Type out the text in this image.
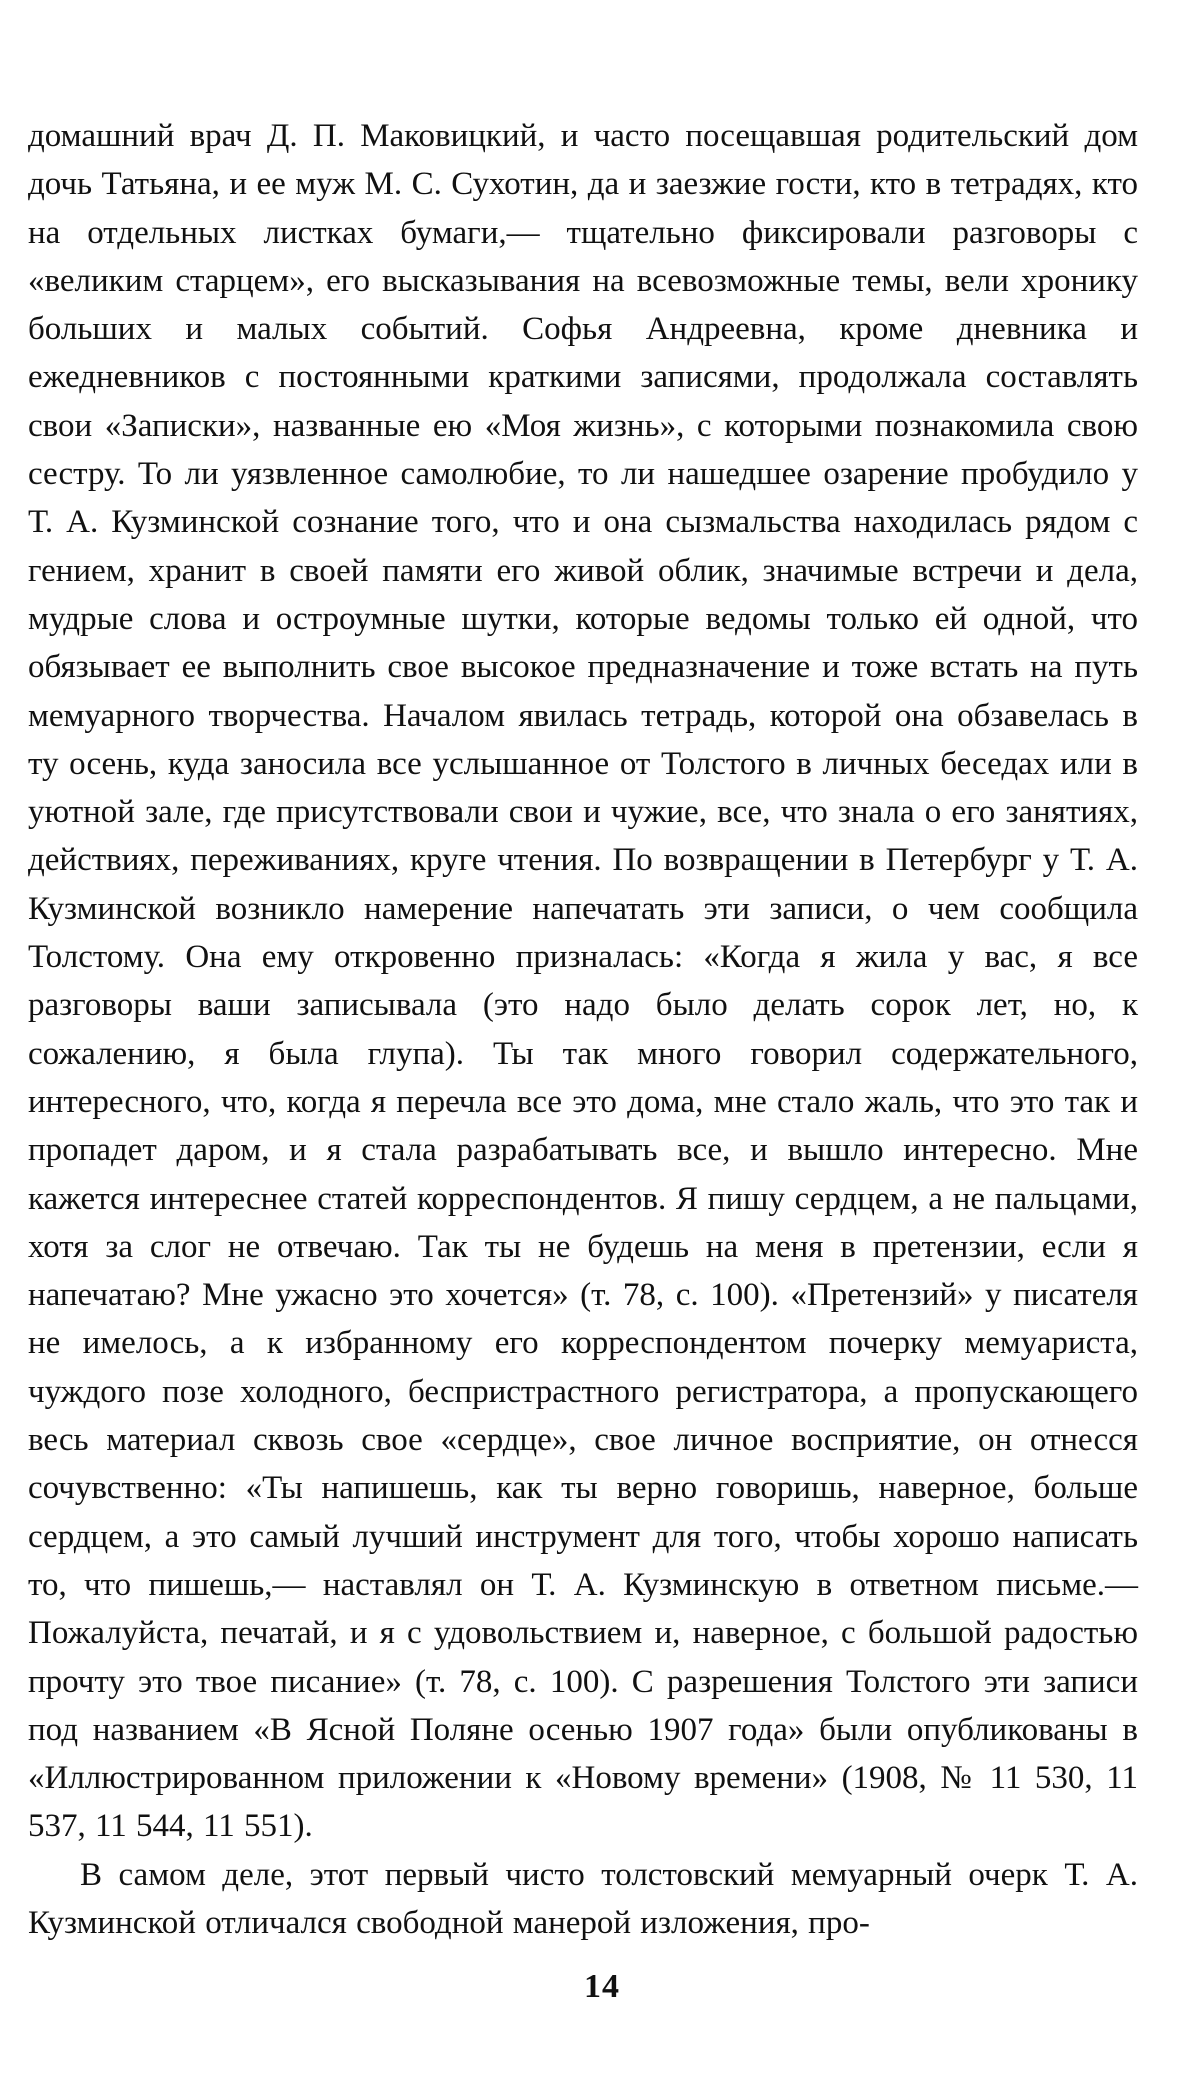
домашний врач Д. П. Маковицкий, и часто посещавшая родительский дом дочь Татьяна, и ее муж М. С. Сухотин, да и заезжие гости, кто в тетрадях, кто на отдельных листках бумаги,— тщательно фиксировали разговоры с «великим старцем», его высказывания на всевозможные темы, вели хронику больших и малых событий. Софья Андреевна, кроме дневника и ежедневников с постоянными краткими записями, продолжала составлять свои «Записки», названные ею «Моя жизнь», с которыми познакомила свою сестру. То ли уязвленное самолюбие, то ли нашедшее озарение пробудило у Т. А. Кузминской сознание того, что и она сызмальства находилась рядом с гением, хранит в своей памяти его живой облик, значимые встречи и дела, мудрые слова и остроумные шутки, которые ведомы только ей одной, что обязывает ее выполнить свое высокое предназначение и тоже встать на путь мемуарного творчества. Началом явилась тетрадь, которой она обзавелась в ту осень, куда заносила все услышанное от Толстого в личных беседах или в уютной зале, где присутствовали свои и чужие, все, что знала о его занятиях, действиях, переживаниях, круге чтения. По возвращении в Петербург у Т. А. Кузминской возникло намерение напечатать эти записи, о чем сообщила Толстому. Она ему откровенно призналась: «Когда я жила у вас, я все разговоры ваши записывала (это надо было делать сорок лет, но, к сожалению, я была глупа). Ты так много говорил содержательного, интересного, что, когда я перечла все это дома, мне стало жаль, что это так и пропадет даром, и я стала разрабатывать все, и вышло интересно. Мне кажется интереснее статей корреспондентов. Я пишу сердцем, а не пальцами, хотя за слог не отвечаю. Так ты не будешь на меня в претензии, если я напечатаю? Мне ужасно это хочется» (т. 78, с. 100). «Претензий» у писателя не имелось, а к избранному его корреспондентом почерку мемуариста, чуждого позе холодного, беспристрастного регистратора, а пропускающего весь материал сквозь свое «сердце», свое личное восприятие, он отнесся сочувственно: «Ты напишешь, как ты верно говоришь, наверное, больше сердцем, а это самый лучший инструмент для того, чтобы хорошо написать то, что пишешь,— наставлял он Т. А. Кузминскую в ответном письме.— Пожалуйста, печатай, и я с удовольствием и, наверное, с большой радостью прочту это твое писание» (т. 78, с. 100). С разрешения Толстого эти записи под названием «В Ясной Поляне осенью 1907 года» были опубликованы в «Иллюстрированном приложении к «Новому времени» (1908, № 11 530, 11 537, 11 544, 11 551).

В самом деле, этот первый чисто толстовский мемуарный очерк Т. А. Кузминской отличался свободной манерой изложения, про-

14
